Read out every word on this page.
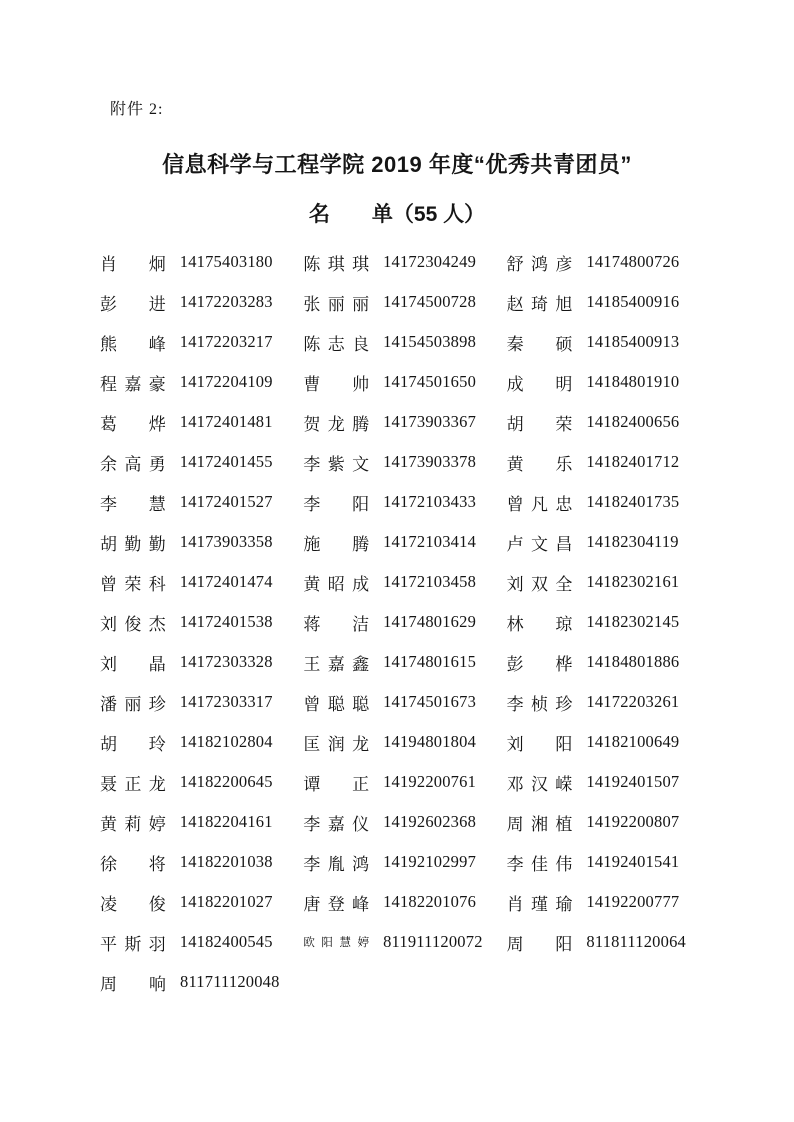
附件 2:
信息科学与工程学院 2019 年度“优秀共青团员”
名　　单（55 人）
肖炯 14175403180	陈琪琪 14172304249	舒鸿彦 14174800726
彭进 14172203283	张丽丽 14174500728	赵琦旭 14185400916
熊峰 14172203217	陈志良 14154503898	秦硕 14185400913
程嘉豪 14172204109	曹帅 14174501650	成明 14184801910
葛烨 14172401481	贺龙腾 14173903367	胡荣 14182400656
余高勇 14172401455	李紫文 14173903378	黄乐 14182401712
李慧 14172401527	李阳 14172103433	曾凡忠 14182401735
胡勤勤 14173903358	施腾 14172103414	卢文昌 14182304119
曾荣科 14172401474	黄昭成 14172103458	刘双全 14182302161
刘俊杰 14172401538	蒋洁 14174801629	林琼 14182302145
刘晶 14172303328	王嘉鑫 14174801615	彭桦 14184801886
潘丽珍 14172303317	曾聪聪 14174501673	李桢珍 14172203261
胡玲 14182102804	匡润龙 14194801804	刘阳 14182100649
聂正龙 14182200645	谭正 14192200761	邓汉嵘 14192401507
黄莉婷 14182204161	李嘉仪 14192602368	周湘植 14192200807
徐将 14182201038	李胤鸿 14192102997	李佳伟 14192401541
凌俊 14182201027	唐登峰 14182201076	肖瑾瑜 14192200777
平斯羽 14182400545	欧阳慧婷 811911120072	周阳 811811120064
周响 811711120048
